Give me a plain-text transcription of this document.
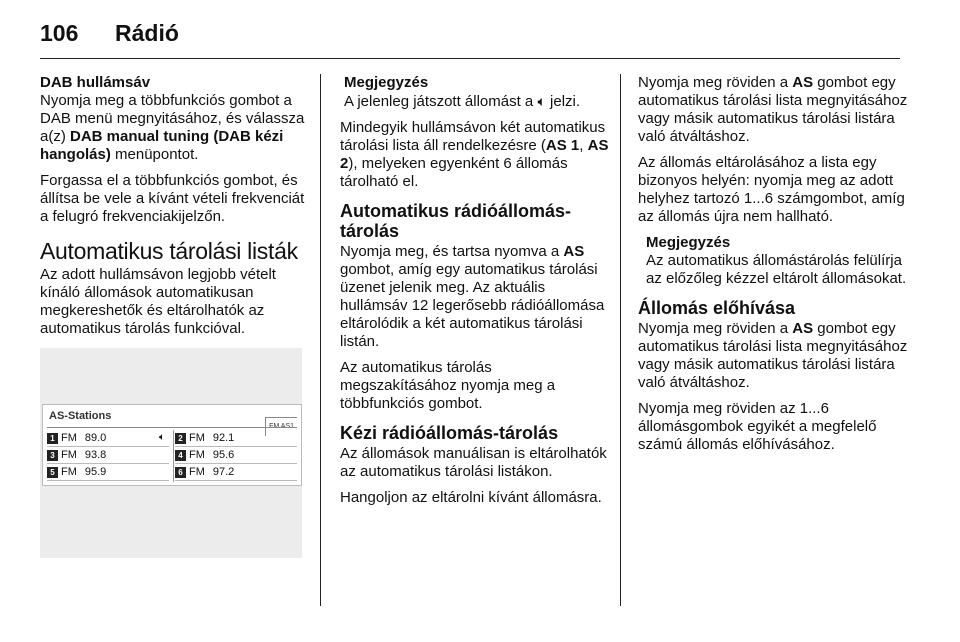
106 Rádió

DAB hullámsáv

Nyomja meg a többfunkciós gombot a DAB menü megnyitásához, és válassza a(z) DAB manual tuning (DAB kézi hangolás) menüpontot.

Forgassa el a többfunkciós gombot, és állítsa be vele a kívánt vételi frekvenciát a felugró frekvenciakijelzőn.

Automatikus tárolási listák

Az adott hullámsávon legjobb vételt kínáló állomások automatikusan megkereshetők és eltárolhatók az automatikus tárolás funkcióval.

AS-Stations
1 FM 89.0	🔈︎	2 FM 92.1
3 FM 93.8	4 FM 95.6
5 FM 95.9	6 FM 97.2
Megjegyzés
A jelenleg játszott állomást a 🔈︎ jelzi.

Mindegyik hullámsávon két automatikus tárolási lista áll rendelkezésre (AS 1, AS 2), melyeken egyenként 6 állomás tárolható el.

Automatikus rádióállomás-tárolás

Nyomja meg, és tartsa nyomva a AS gombot, amíg egy automatikus tárolási üzenet jelenik meg. Az aktuális hullámsáv 12 legerősebb rádióállomása eltárolódik a két automatikus tárolási listán.

Az automatikus tárolás megszakításához nyomja meg a többfunkciós gombot.

Kézi rádióállomás-tárolás

Az állomások manuálisan is eltárolhatók az automatikus tárolási listákon.

Hangoljon az eltárolni kívánt állomásra.

Nyomja meg röviden a AS gombot egy automatikus tárolási lista megnyitásához vagy másik automatikus tárolási listára való átváltáshoz.

Az állomás eltárolásához a lista egy bizonyos helyén: nyomja meg az adott helyhez tartozó 1...6 számgombot, amíg az állomás újra nem hallható.

Megjegyzés
Az automatikus állomástárolás felülírja az előzőleg kézzel eltárolt állomásokat.
Állomás előhívása

Nyomja meg röviden a AS gombot egy automatikus tárolási lista megnyitásához vagy másik automatikus tárolási listára való átváltáshoz.

Nyomja meg röviden az 1...6 állomásgombok egyikét a megfelelő számú állomás előhívásához.
